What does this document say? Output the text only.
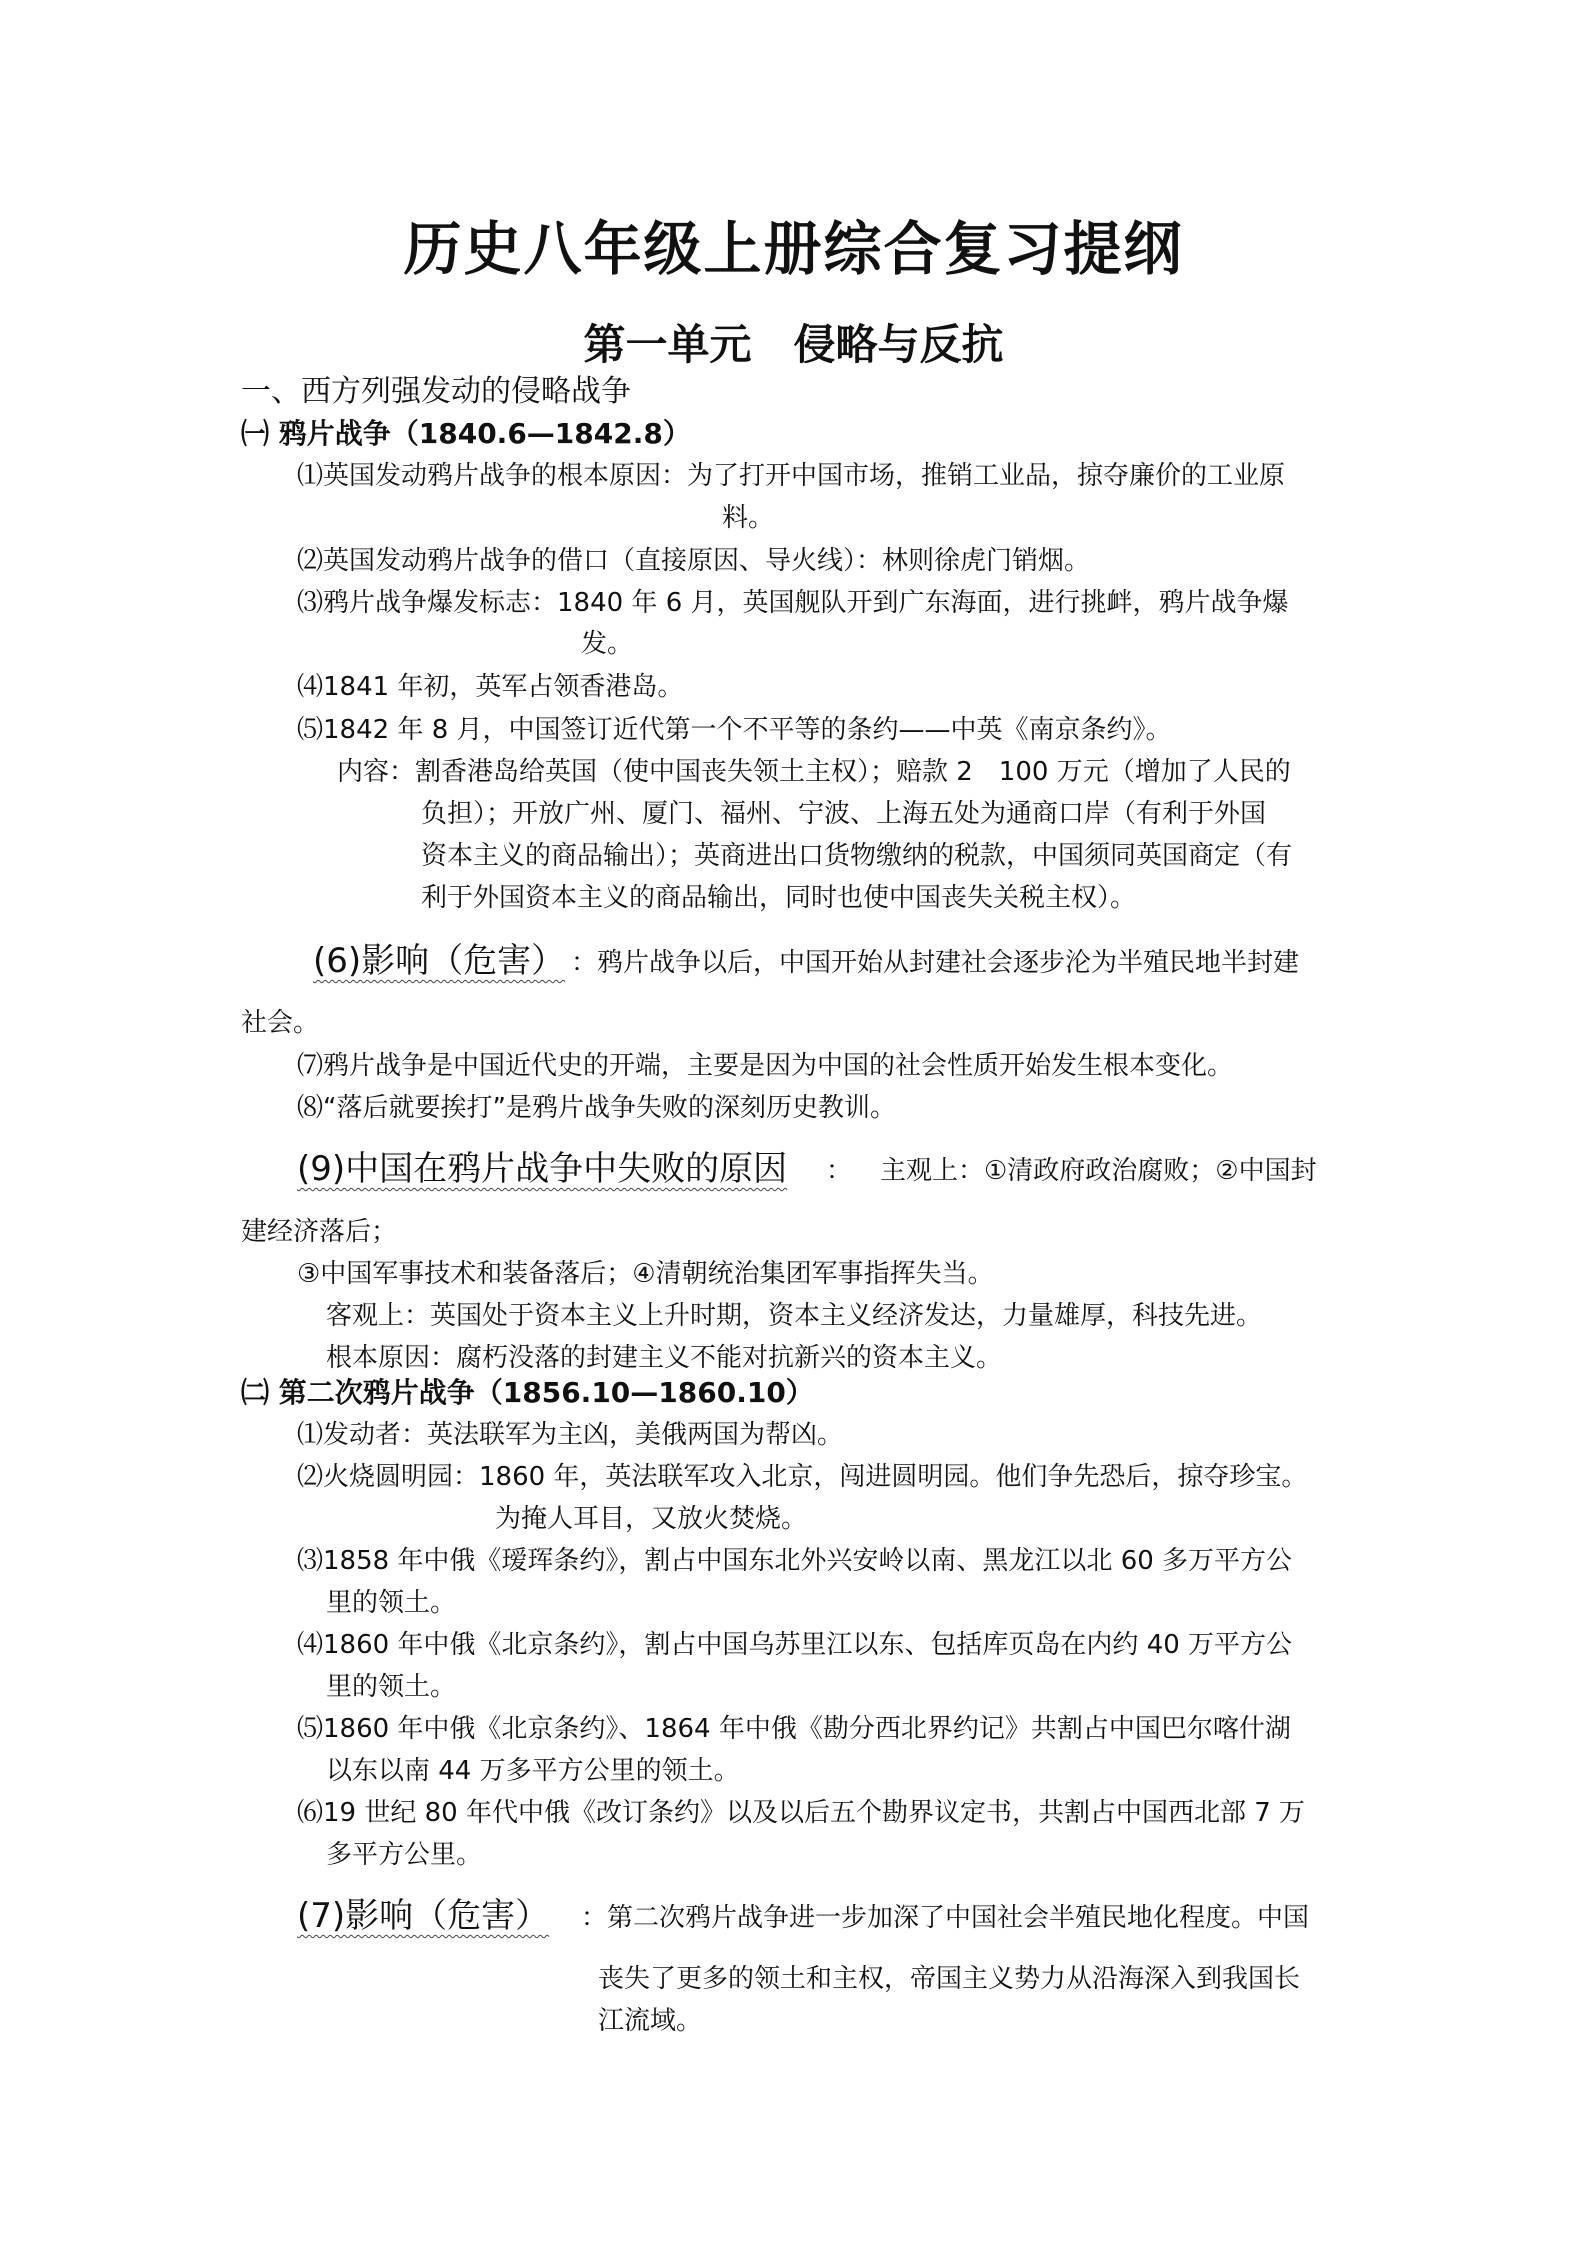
历史八年级上册综合复习提纲
第一单元　侵略与反抗
一、西方列强发动的侵略战争
㈠ 鸦片战争（1840.6—1842.8）
⑴英国发动鸦片战争的根本原因：为了打开中国市场，推销工业品，掠夺廉价的工业原
料。
⑵英国发动鸦片战争的借口（直接原因、导火线）：林则徐虎门销烟。
⑶鸦片战争爆发标志：1840 年 6 月，英国舰队开到广东海面，进行挑衅，鸦片战争爆
发。
⑷1841 年初，英军占领香港岛。
⑸1842 年 8 月，中国签订近代第一个不平等的条约——中英《南京条约》。
内容：割香港岛给英国（使中国丧失领土主权）；赔款 2　100 万元（增加了人民的
负担）；开放广州、厦门、福州、宁波、上海五处为通商口岸（有利于外国
资本主义的商品输出）；英商进出口货物缴纳的税款，中国须同英国商定（有
利于外国资本主义的商品输出，同时也使中国丧失关税主权）。
(6)影响（危害） ：鸦片战争以后，中国开始从封建社会逐步沦为半殖民地半封建
社会。
⑺鸦片战争是中国近代史的开端，主要是因为中国的社会性质开始发生根本变化。
⑻“落后就要挨打”是鸦片战争失败的深刻历史教训。
(9)中国在鸦片战争中失败的原因 ： 主观上：①清政府政治腐败；②中国封
建经济落后；
③中国军事技术和装备落后；④清朝统治集团军事指挥失当。
客观上：英国处于资本主义上升时期，资本主义经济发达，力量雄厚，科技先进。
根本原因：腐朽没落的封建主义不能对抗新兴的资本主义。
㈡ 第二次鸦片战争（1856.10—1860.10）
⑴发动者：英法联军为主凶，美俄两国为帮凶。
⑵火烧圆明园：1860 年，英法联军攻入北京，闯进圆明园。他们争先恐后，掠夺珍宝。
为掩人耳目，又放火焚烧。
⑶1858 年中俄《瑷珲条约》，割占中国东北外兴安岭以南、黑龙江以北 60 多万平方公
里的领土。
⑷1860 年中俄《北京条约》，割占中国乌苏里江以东、包括库页岛在内约 40 万平方公
里的领土。
⑸1860 年中俄《北京条约》、1864 年中俄《勘分西北界约记》共割占中国巴尔喀什湖
以东以南 44 万多平方公里的领土。
⑹19 世纪 80 年代中俄《改订条约》以及以后五个勘界议定书，共割占中国西北部 7 万
多平方公里。
(7)影响（危害） ：第二次鸦片战争进一步加深了中国社会半殖民地化程度。中国
丧失了更多的领土和主权，帝国主义势力从沿海深入到我国长
江流域。
